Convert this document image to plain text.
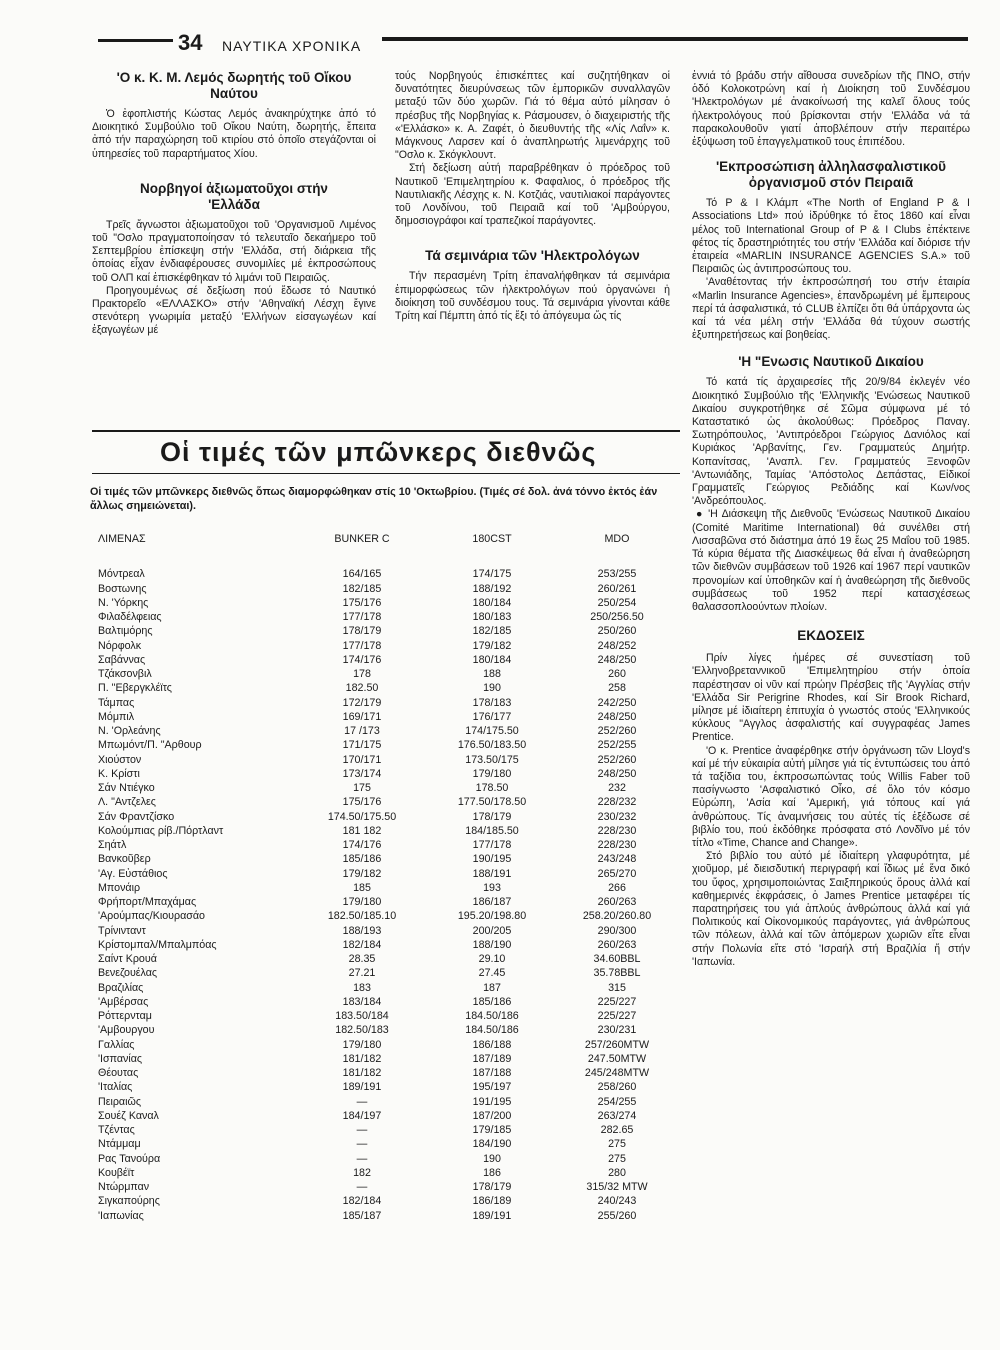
34 ΝΑΥΤΙΚΑ ΧΡΟΝΙΚΑ
'Ο κ. Κ. Μ. Λεμός δωρητής τοῦ Οἴκου Ναύτου

Ὁ ἐφοπλιστής Κώστας Λεμός ἀνακηρύχτηκε ἀπό τό Διοικητικό Συμβούλιο τοῦ Οἴκου Ναύτη, δωρητής, ἔπειτα ἀπό τήν παραχώρηση τοῦ κτιρίου στό ὁποῖο στεγάζονται οἱ ὑπηρεσίες τοῦ παραρτήματος Χίου.

Νορβηγοί ἀξιωματοῦχοι στήν 'Ελλάδα

Τρεῖς ἄγνωστοι ἀξιωματοῦχοι τοῦ 'Οργανισμοῦ Λιμένος τοῦ "Οσλο πραγματοποίησαν τό τελευταῖο δεκαήμερο τοῦ Σεπτεμβρίου ἐπίσκεψη στήν 'Ελλάδα, στή διάρκεια τῆς ὁποίας εἶχαν ἐνδιαφέρουσες συνομιλίες μέ ἐκπροσώπους τοῦ ΟΛΠ καί ἐπισκέφθηκαν τό λιμάνι τοῦ Πειραιῶς.

Προηγουμένως σέ δεξίωση πού ἔδωσε τό Ναυτικό Πρακτορεῖο «ΕΛΛΑΣΚΟ» στήν 'Αθηναϊκή Λέσχη ἔγινε στενότερη γνωριμία μεταξύ 'Ελλήνων εἰσαγωγέων καί ἐξαγωγέων μέ

τούς Νορβηγούς ἐπισκέπτες καί συζητήθηκαν οἱ δυνατότητες διευρύνσεως τῶν ἐμπορικῶν συναλλαγῶν μεταξύ τῶν δύο χωρῶν. Γιά τό θέμα αὐτό μίλησαν ὁ πρέσβυς τῆς Νορβηγίας κ. Ράσμουσεν, ὁ διαχειριστής τῆς «'Ελλάσκο» κ. Α. Ζαφέτ, ὁ διευθυντής τῆς «Λίς Λαΐν» κ. Μάγκνους Λαρσεν καί ὁ ἀναπληρωτής λιμενάρχης τοῦ "Οσλο κ. Σκόγκλουντ.

Στή δεξίωση αὐτή παραβρέθηκαν ὁ πρόεδρος τοῦ Ναυτικοῦ 'Επιμελητηρίου κ. Φαφαλιος, ὁ πρόεδρος τῆς Ναυτιλιακῆς Λέσχης κ. Ν. Κοτζιάς, ναυτιλιακοί παράγοντες τοῦ Λονδίνου, τοῦ Πειραιᾶ καί τοῦ 'Αμβούργου, δημοσιογράφοι καί τραπεζικοί παράγοντες.

Τά σεμινάρια τῶν 'Ηλεκτρολόγων

Τήν περασμένη Τρίτη ἐπαναλήφθηκαν τά σεμινάρια ἐπιμορφώσεως τῶν ἠλεκτρολόγων πού ὀργανώνει ἡ διοίκηση τοῦ συνδέσμου τους. Τά σεμινάρια γίνονται κάθε Τρίτη καί Πέμπτη ἀπό τίς ἔξι τό ἀπόγευμα ὥς τίς

ἐννιά τό βράδυ στήν αἴθουσα συνεδρίων τῆς ΠΝΟ, στήν ὁδό Κολοκοτρώνη καί ἡ Διοίκηση τοῦ Συνδέσμου 'Ηλεκτρολόγων μέ ἀνακοίνωσή της καλεῖ ὅλους τούς ἠλεκτρολόγους πού βρίσκονται στήν 'Ελλάδα νά τά παρακολουθοῦν γιατί ἀποβλέπουν στήν περαιτέρω ἐξύψωση τοῦ ἐπαγγελματικοῦ τους ἐπιπέδου.

'Εκπροσώπιση ἀλληλασφαλιστικοῦ ὀργανισμοῦ στόν Πειραιᾶ

Τό P & I Κλάμπ «The North of England P & I Associations Ltd» πού ἱδρύθηκε τό ἔτος 1860 καί εἶναι μέλος τοῦ International Group of P & I Clubs ἐπέκτεινε φέτος τίς δραστηριότητές του στήν 'Ελλάδα καί διόρισε τήν ἑταιρεία «MARLIN INSURANCE AGENCIES S.A.» τοῦ Πειραιῶς ὡς ἀντιπροσώπους του.

'Αναθέτοντας τήν ἐκπροσώπησή του στήν ἑταιρία «Marlin Insurance Agencies», ἐπανδρωμένη μέ ἔμπειρους περί τά ἀσφαλιστικά, τό CLUB ἐλπίζει ὅτι θά ὑπάρχοντα ὡς καί τά νέα μέλη στήν 'Ελλάδα θά τύχουν σωστής ἐξυπηρετήσεως καί βοηθείας.

'Η "Ενωσις Ναυτικοῦ Δικαίου

Τό κατά τίς ἀρχαιρεσίες τῆς 20/9/84 ἐκλεγέν νέο Διοικητικό Συμβούλιο τῆς 'Ελληνικῆς 'Ενώσεως Ναυτικοῦ Δικαίου συγκροτήθηκε σέ Σῶμα σύμφωνα μέ τό Καταστατικό ὡς ἀκολούθως: Πρόεδρος Παναγ. Σωτηρόπουλος, 'Αντιπρόεδροι Γεώργιος Δανιόλος καί Κυριάκος 'Αρβανίτης, Γεν. Γραμματεύς Δημήτρ. Κοπανίτσας, 'Αναπλ. Γεν. Γραμματεύς Ξενοφῶν 'Αντωνιάδης, Ταμίας 'Απόστολος Δεπάστας, Εἰδικοί Γραμματεῖς Γεώργιος Ρεδιάδης καί Κων/νος 'Ανδρεόπουλος.

● 'Η Διάσκεψη τῆς Διεθνοῦς 'Ενώσεως Ναυτικοῦ Δικαίου (Comité Maritime International) θά συνέλθει στή Λισσαβῶνα στό διάστημα ἀπό 19 ἕως 25 Μαΐου τοῦ 1985. Τά κύρια θέματα τῆς Διασκέψεως θά εἶναι ἡ ἀναθεώρηση τῶν διεθνῶν συμβάσεων τοῦ 1926 καί 1967 περί ναυτικῶν προνομίων καί ὑποθηκῶν καί ἡ ἀναθεώρηση τῆς διεθνοῦς συμβάσεως τοῦ 1952 περί κατασχέσεως θαλασσοπλοούντων πλοίων.

ΕΚΔΟΣΕΙΣ

Πρίν λίγες ἡμέρες σέ συνεστίαση τοῦ 'Ελληνοβρεταννικοῦ 'Επιμελητηρίου στήν ὁποία παρέστησαν οἱ νῦν καί πρώην Πρέσβεις τῆς 'Αγγλίας στήν 'Ελλάδα Sir Perigrine Rhodes, καί Sir Brook Richard, μίλησε μέ ἰδιαίτερη ἐπιτυχία ὁ γνωστός στούς 'Ελληνικούς κύκλους "Αγγλος ἀσφαλιστής καί συγγραφέας James Prentice.

'Ο κ. Prentice ἀναφέρθηκε στήν ὀργάνωση τῶν Lloyd's καί μέ τήν εὐκαιρία αὐτή μίλησε γιά τίς ἐντυπώσεις του ἀπό τά ταξίδια του, ἐκπροσωπώντας τούς Willis Faber τοῦ πασίγνωστο 'Ασφαλιστικό Οἶκο, σέ ὅλο τόν κόσμο Εὐρώπη, 'Ασία καί 'Αμερική, γιά τόπους καί γιά ἀνθρώπους. Τίς ἀναμνήσεις του αὐτές τίς ἐξέδωσε σέ βιβλίο του, πού ἐκδόθηκε πρόσφατα στό Λονδῖνο μέ τόν τίτλο «Time, Chance and Change».

Στό βιβλίο του αὐτό μέ ἰδιαίτερη γλαφυρότητα, μέ χιοῦμορ, μέ διεισδυτική περιγραφή καί ἴδιως μέ ἕνα δικό του ὕφος, χρησιμοποιώντας Σαιξπηρικούς ὅρους ἀλλά καί καθημερινές ἐκφράσεις, ὁ James Prentice μεταφέρει τίς παρατηρήσεις του γιά ἁπλούς ἀνθρώπους ἀλλά καί γιά Πολιτικούς καί Οἰκονομικούς παράγοντες, γιά ἀνθρώπους τῶν πόλεων, ἀλλά καί τῶν ἀπόμερων χωριῶν εἴτε εἶναι στήν Πολωνία εἴτε στό 'Ισραήλ στή Βραζιλία ἤ στήν 'Ιαπωνία.

Οἱ τιμές τῶν μπῶνκερς διεθνῶς
Οἱ τιμές τῶν μπῶνκερς διεθνῶς ὅπως διαμορφώθηκαν στίς 10 'Οκτωβρίου. (Τιμές σέ δολ. ἀνά τόννο ἐκτός ἐάν ἄλλως σημειώνεται).
ΛΙΜΕΝΑΣ	BUNKER C	180CST	MDO

Μόντρεαλ	164/165	174/175	253/255
Βοστωνης	182/185	188/192	260/261
Ν. 'Υόρκης	175/176	180/184	250/254
Φιλαδέλφειας	177/178	180/183	250/256.50
Βαλτιμόρης	178/179	182/185	250/260
Νόρφολκ	177/178	179/182	248/252
Σαβάννας	174/176	180/184	248/250
Τζάκσονβιλ	178	188	260
Π. "Εβεργκλέϊτς	182.50	190	258
Τάμπας	172/179	178/183	242/250
Μόμπιλ	169/171	176/177	248/250
Ν. 'Ορλεάνης	17 /173	174/175.50	252/260
Μπωμόντ/Π. "Αρθουρ	171/175	176.50/183.50	252/255
Χιούστον	170/171	173.50/175	252/260
Κ. Κρίστι	173/174	179/180	248/250
Σάν Ντιέγκο	175	178.50	232
Λ. "Αντζελες	175/176	177.50/178.50	228/232
Σάν Φραντζίσκο	174.50/175.50	178/179	230/232
Κολούμπιας ρίβ./Πόρτλαντ	181 182	184/185.50	228/230
Σηάτλ	174/176	177/178	228/230
Βανκοῦβερ	185/186	190/195	243/248
'Αγ. Εὐστάθιος	179/182	188/191	265/270
Μπονάιρ	185	193	266
Φρήπορτ/Μπαχάμας	179/180	186/187	260/263
'Αρούμπας/Κιουρασάο	182.50/185.10	195.20/198.80	258.20/260.80
Τρίνινταντ	188/193	200/205	290/300
Κρίστομπαλ/Μπαλμπόας	182/184	188/190	260/263
Σαίντ Κρουά	28.35	29.10	34.60BBL
Βενεζουέλας	27.21	27.45	35.78BBL
Βραζιλίας	183	187	315
'Αμβέρσας	183/184	185/186	225/227
Ρόττερνταμ	183.50/184	184.50/186	225/227
'Αμβουργου	182.50/183	184.50/186	230/231
Γαλλίας	179/180	186/188	257/260MTW
'Ισπανίας	181/182	187/189	247.50MTW
Θέουτας	181/182	187/188	245/248MTW
'Ιταλίας	189/191	195/197	258/260
Πειραιῶς	—	191/195	254/255
Σουέζ Καναλ	184/197	187/200	263/274
Τζέντας	—	179/185	282.65
Ντάμμαμ	—	184/190	275
Ρας Τανούρα	—	190	275
Κουβέϊτ	182	186	280
Ντώρμπαν	—	178/179	315/32 MTW
Σιγκαπούρης	182/184	186/189	240/243
'Ιαπωνίας	185/187	189/191	255/260
